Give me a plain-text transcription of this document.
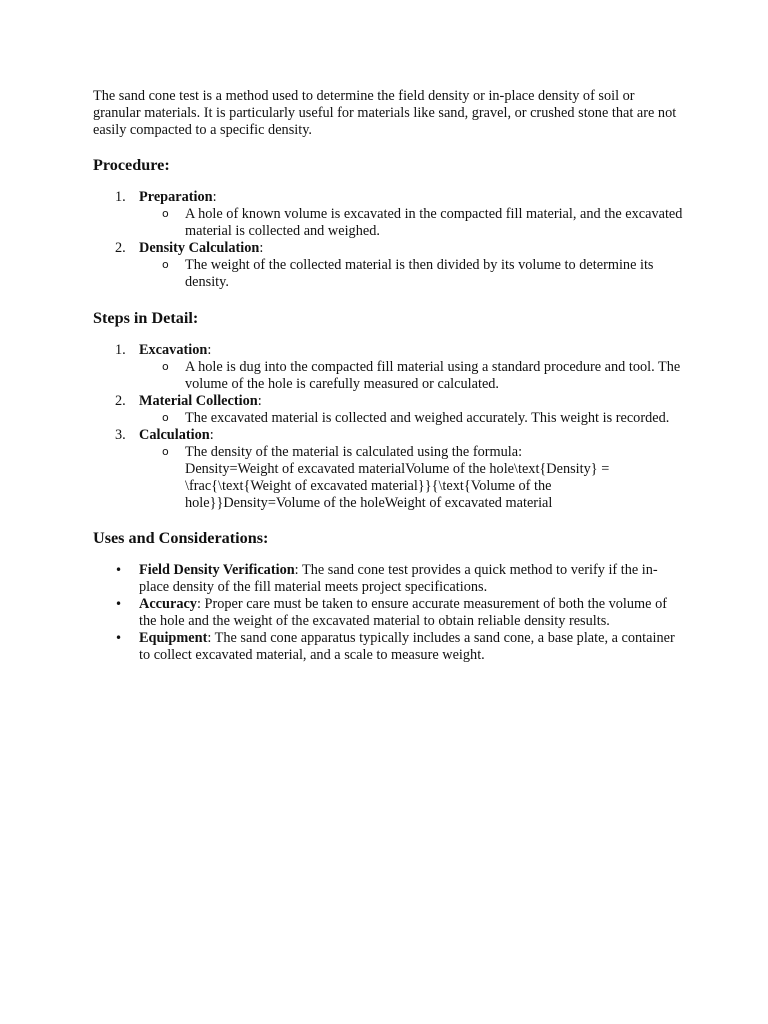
The sand cone test is a method used to determine the field density or in-place density of soil or granular materials. It is particularly useful for materials like sand, gravel, or crushed stone that are not easily compacted to a specific density.

Procedure:
1. Preparation:
o A hole of known volume is excavated in the compacted fill material, and the excavated material is collected and weighed.
2. Density Calculation:
o The weight of the collected material is then divided by its volume to determine its density.
Steps in Detail:
1. Excavation:
o A hole is dug into the compacted fill material using a standard procedure and tool. The volume of the hole is carefully measured or calculated.
2. Material Collection:
o The excavated material is collected and weighed accurately. This weight is recorded.
3. Calculation:
o The density of the material is calculated using the formula:
Density=Weight of excavated materialVolume of the hole\text{Density} = \frac{\text{Weight of excavated material}}{\text{Volume of the hole}}Density=Volume of the holeWeight of excavated material
Uses and Considerations:
• Field Density Verification: The sand cone test provides a quick method to verify if the in-place density of the fill material meets project specifications.
• Accuracy: Proper care must be taken to ensure accurate measurement of both the volume of the hole and the weight of the excavated material to obtain reliable density results.
• Equipment: The sand cone apparatus typically includes a sand cone, a base plate, a container to collect excavated material, and a scale to measure weight.
